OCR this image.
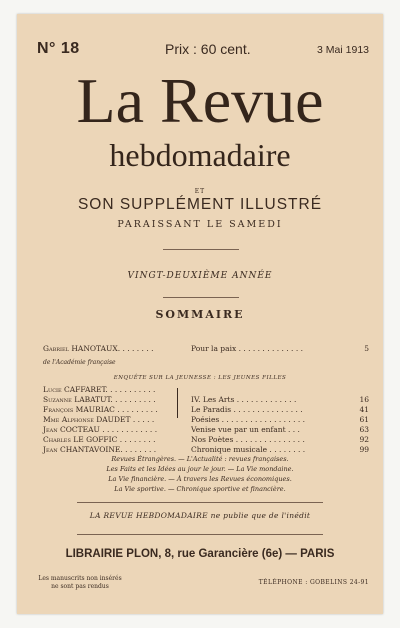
N° 18	Prix : 60 cent.	3 Mai 1913
La Revue
hebdomadaire
ET
SON SUPPLÉMENT ILLUSTRÉ
PARAISSANT LE SAMEDI
VINGT-DEUXIÈME ANNÉE
SOMMAIRE
Gabriel HANOTAUX. . . . . . . .	Pour la paix . . . . . . . . . . . . . .	5
de l'Académie française
ENQUÊTE SUR LA JEUNESSE : LES JEUNES FILLES
Lucie CAFFARET. . . . . . . . . . .
Suzanne LABATUT. . . . . . . . . .	IV. Les Arts . . . . . . . . . . . . .	16
François MAURIAC . . . . . . . . .	Le Paradis . . . . . . . . . . . . . . .	41
Mme Alphonse DAUDET . . . . .	Poésies . . . . . . . . . . . . . . . . . .	61
Jean COCTEAU . . . . . . . . . . . .	Venise vue par un enfant . . .	63
Charles LE GOFFIC . . . . . . . .	Nos Poètes . . . . . . . . . . . . . . .	92
Jean CHANTAVOINE. . . . . . . .	Chronique musicale . . . . . . . .	99
Revues Étrangères. — L'Actualité : revues françaises.
Les Faits et les Idées au jour le jour. — La Vie mondaine.
La Vie financière. — À travers les Revues économiques.
La Vie sportive. — Chronique sportive et financière.
LA REVUE HEBDOMADAIRE ne publie que de l'inédit
LIBRAIRIE PLON, 8, rue Garancière (6e) — PARIS
Les manuscrits non insérés ne sont pas rendus
TÉLÉPHONE : GOBELINS 24-91
